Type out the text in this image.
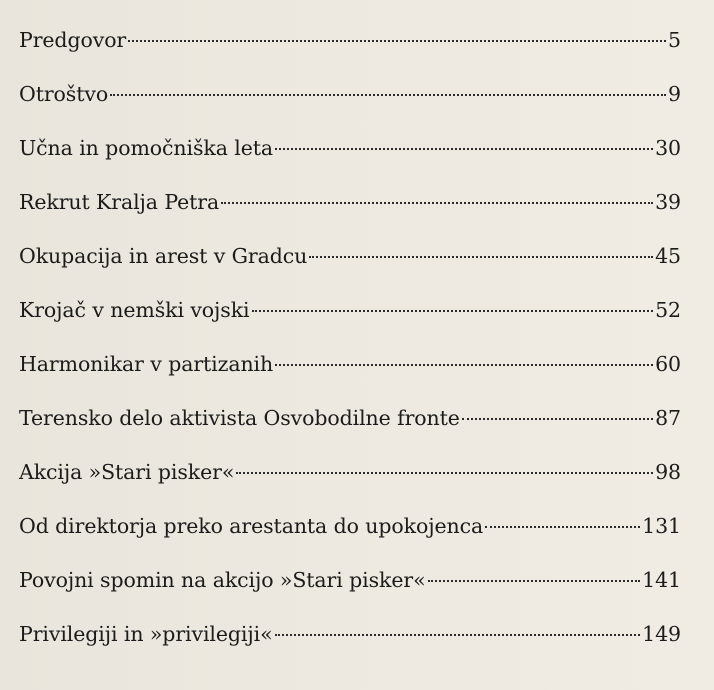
Predgovor	5
Otroštvo	9
Učna in pomočniška leta	30
Rekrut Kralja Petra	39
Okupacija in arest v Gradcu	45
Krojač v nemški vojski	52
Harmonikar v partizanih	60
Terensko delo aktivista Osvobodilne fronte	87
Akcija »Stari pisker«	98
Od direktorja preko arestanta do upokojenca	131
Povojni spomin na akcijo »Stari pisker«	141
Privilegiji in »privilegiji«	149
